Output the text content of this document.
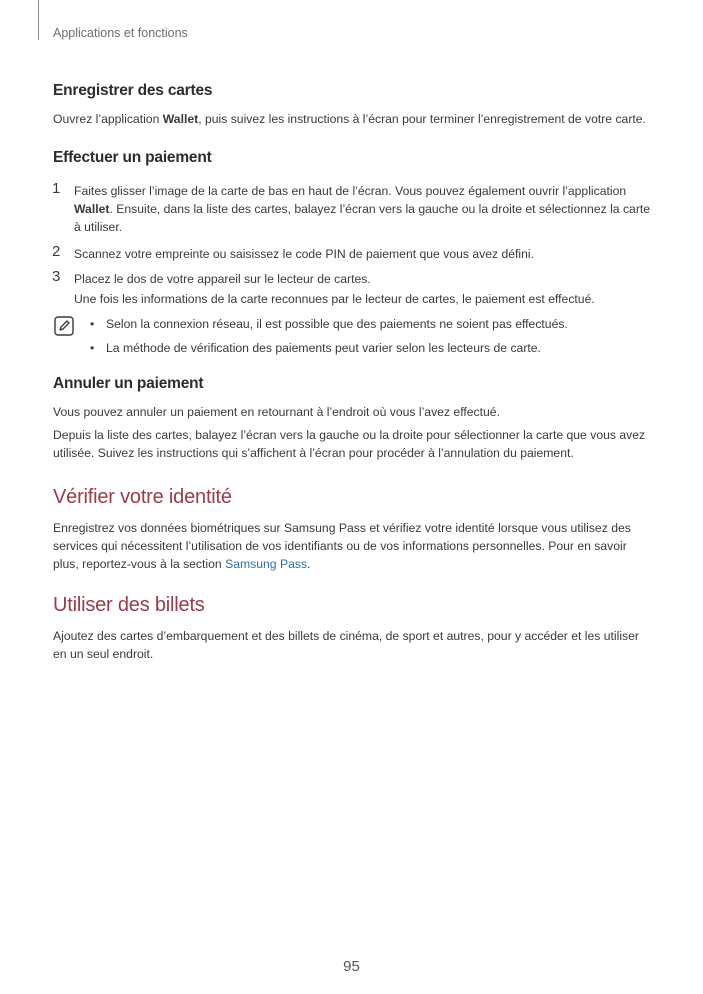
Applications et fonctions
Enregistrer des cartes

Ouvrez l’application Wallet, puis suivez les instructions à l’écran pour terminer l’enregistrement de votre carte.

Effectuer un paiement
1 Faites glisser l’image de la carte de bas en haut de l’écran. Vous pouvez également ouvrir l’application Wallet. Ensuite, dans la liste des cartes, balayez l’écran vers la gauche ou la droite et sélectionnez la carte à utiliser.
2 Scannez votre empreinte ou saisissez le code PIN de paiement que vous avez défini.
3 Placez le dos de votre appareil sur le lecteur de cartes.
Une fois les informations de la carte reconnues par le lecteur de cartes, le paiement est effectué.
• Selon la connexion réseau, il est possible que des paiements ne soient pas effectués.
• La méthode de vérification des paiements peut varier selon les lecteurs de carte.
Annuler un paiement

Vous pouvez annuler un paiement en retournant à l’endroit où vous l’avez effectué.

Depuis la liste des cartes, balayez l’écran vers la gauche ou la droite pour sélectionner la carte que vous avez utilisée. Suivez les instructions qui s’affichent à l’écran pour procéder à l’annulation du paiement.

Vérifier votre identité

Enregistrez vos données biométriques sur Samsung Pass et vérifiez votre identité lorsque vous utilisez des services qui nécessitent l’utilisation de vos identifiants ou de vos informations personnelles. Pour en savoir plus, reportez-vous à la section Samsung Pass.

Utiliser des billets

Ajoutez des cartes d’embarquement et des billets de cinéma, de sport et autres, pour y accéder et les utiliser en un seul endroit.

95
